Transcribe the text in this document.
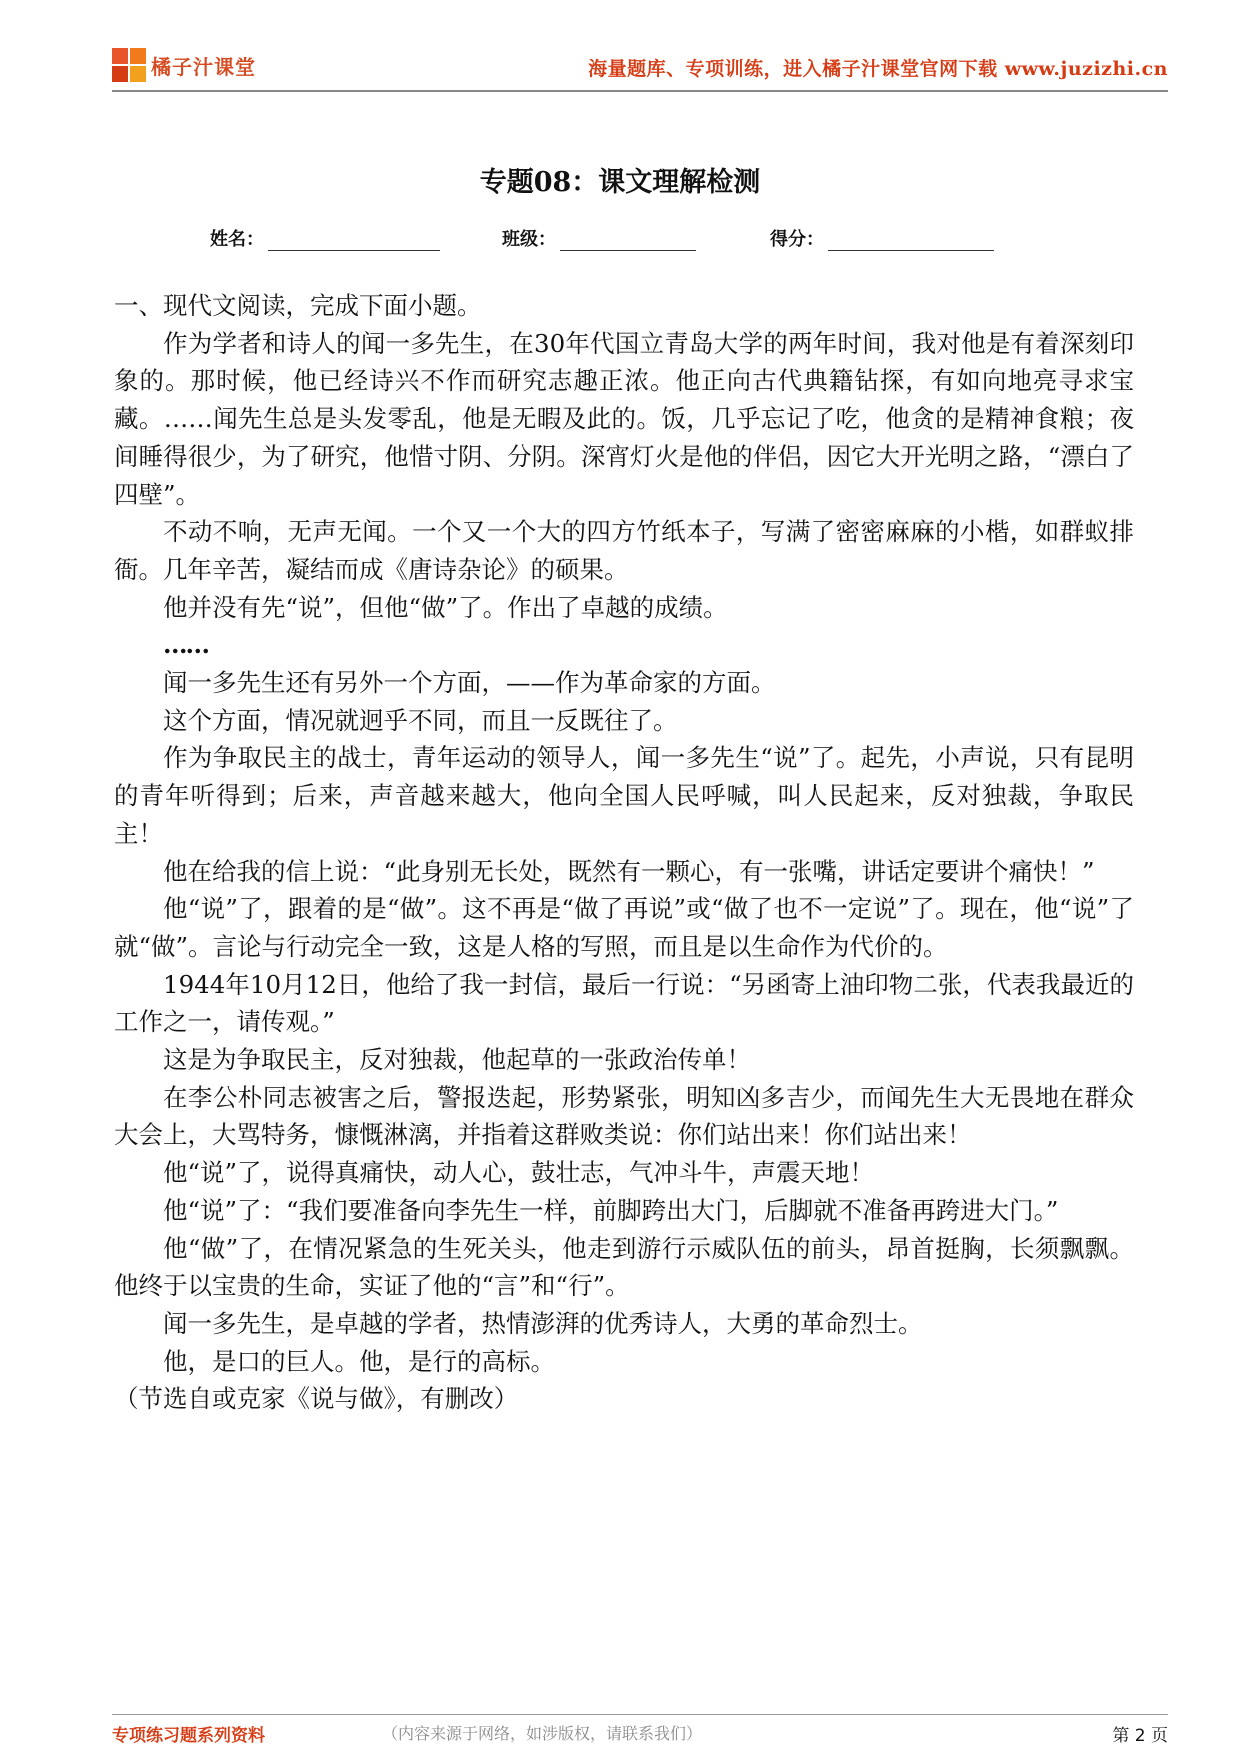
橘子汁课堂	海量题库、专项训练，进入橘子汁课堂官网下载 www.juzizhi.cn
专题08：课文理解检测
姓名：	班级：	得分：

一、现代文阅读，完成下面小题。

作为学者和诗人的闻一多先生，在30年代国立青岛大学的两年时间，我对他是有着深刻印象的。那时候，他已经诗兴不作而研究志趣正浓。他正向古代典籍钻探，有如向地亮寻求宝藏。……闻先生总是头发零乱，他是无暇及此的。饭，几乎忘记了吃，他贪的是精神食粮；夜间睡得很少，为了研究，他惜寸阴、分阴。深宵灯火是他的伴侣，因它大开光明之路，“漂白了四壁”。

不动不响，无声无闻。一个又一个大的四方竹纸本子，写满了密密麻麻的小楷，如群蚁排衙。几年辛苦，凝结而成《唐诗杂论》的硕果。

他并没有先“说”，但他“做”了。作出了卓越的成绩。

……

闻一多先生还有另外一个方面，——作为革命家的方面。

这个方面，情况就迥乎不同，而且一反既往了。

作为争取民主的战士，青年运动的领导人，闻一多先生“说”了。起先，小声说，只有昆明的青年听得到；后来，声音越来越大，他向全国人民呼喊，叫人民起来，反对独裁，争取民主！

他在给我的信上说：“此身别无长处，既然有一颗心，有一张嘴，讲话定要讲个痛快！”

他“说”了，跟着的是“做”。这不再是“做了再说”或“做了也不一定说”了。现在，他“说”了就“做”。言论与行动完全一致，这是人格的写照，而且是以生命作为代价的。

1944年10月12日，他给了我一封信，最后一行说：“另函寄上油印物二张，代表我最近的工作之一，请传观。”

这是为争取民主，反对独裁，他起草的一张政治传单！

在李公朴同志被害之后，警报迭起，形势紧张，明知凶多吉少，而闻先生大无畏地在群众大会上，大骂特务，慷慨淋漓，并指着这群败类说：你们站出来！你们站出来！

他“说”了，说得真痛快，动人心，鼓壮志，气冲斗牛，声震天地！

他“说”了：“我们要准备向李先生一样，前脚跨出大门，后脚就不准备再跨进大门。”

他“做”了，在情况紧急的生死关头，他走到游行示威队伍的前头，昂首挺胸，长须飘飘。他终于以宝贵的生命，实证了他的“言”和“行”。

闻一多先生，是卓越的学者，热情澎湃的优秀诗人，大勇的革命烈士。

他，是口的巨人。他，是行的高标。

（节选自或克家《说与做》，有删改）

专项练习题系列资料	（内容来源于网络，如涉版权，请联系我们）	第 2 页
